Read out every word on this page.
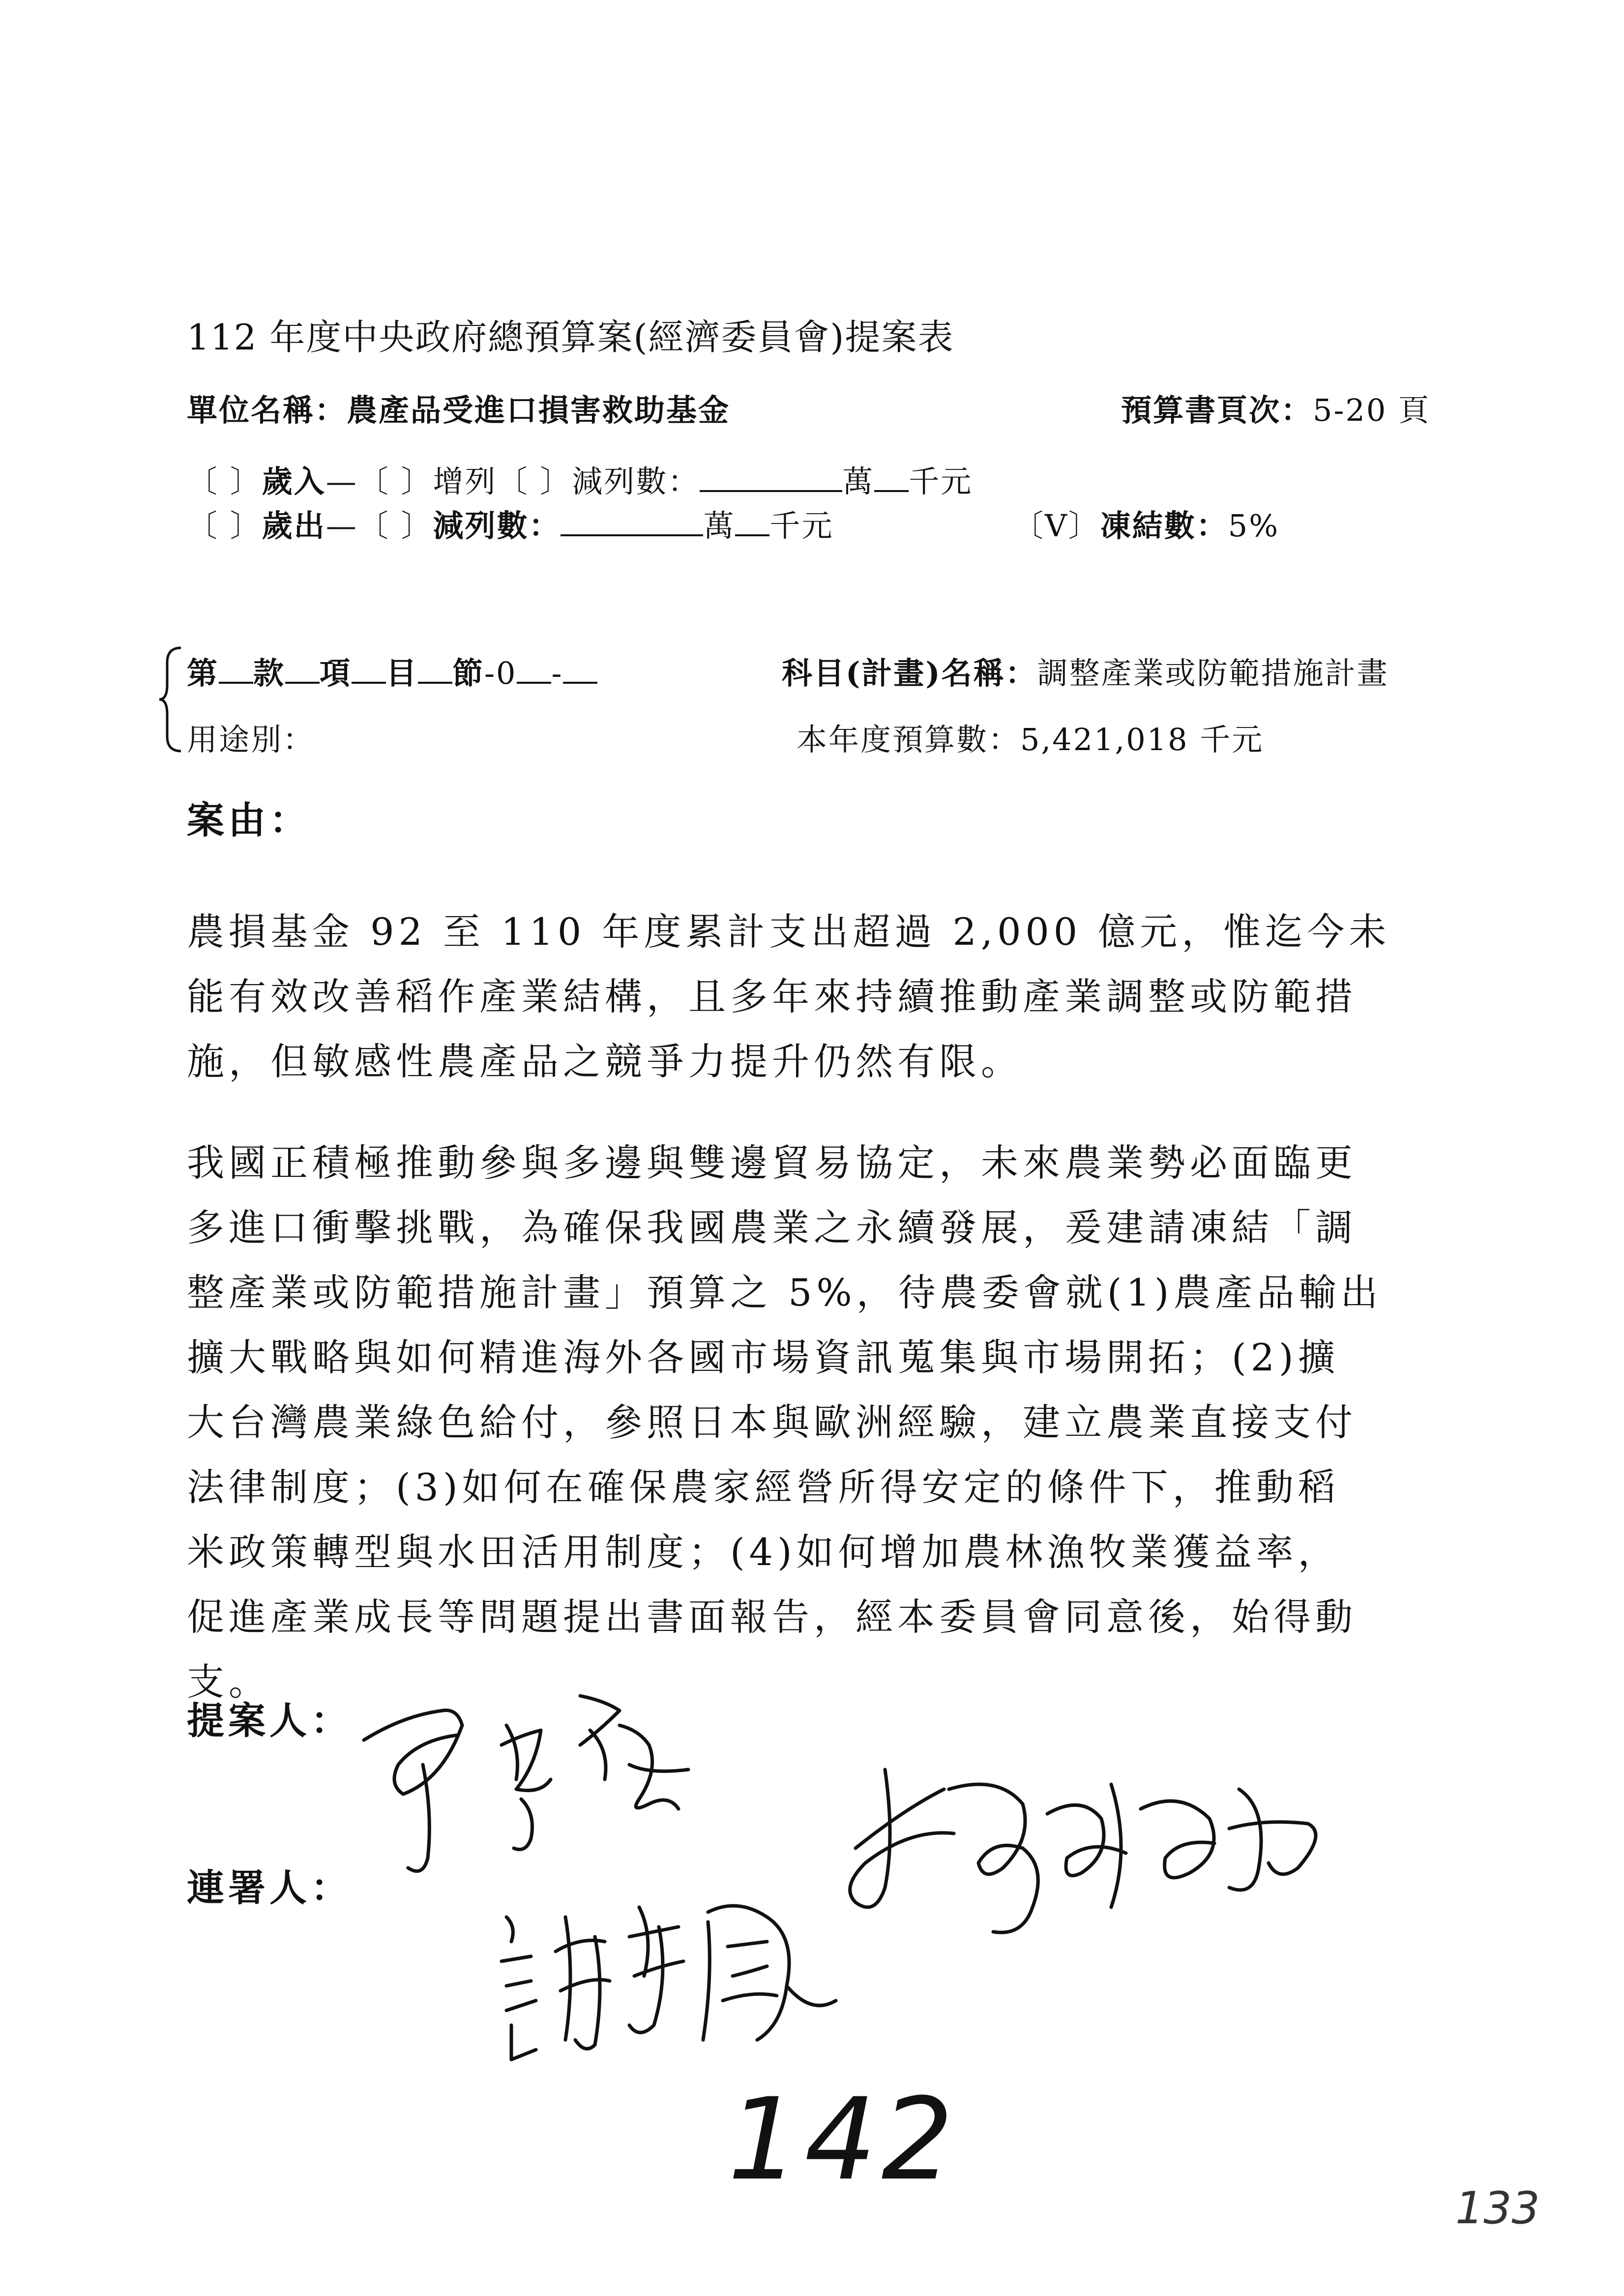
112 年度中央政府總預算案(經濟委員會)提案表
單位名稱：農產品受進口損害救助基金	預算書頁次：5-20 頁
〔 〕歲入—〔 〕增列〔 〕減列數：	萬 千元
〔 〕歲出—〔 〕減列數：	萬 千元	〔V〕凍結數：5%
第 款 項 目 節-0 -	科目(計畫)名稱：調整產業或防範措施計畫
用途別：	本年度預算數：5,421,018 千元
案由：
農損基金 92 至 110 年度累計支出超過 2,000 億元，惟迄今未
能有效改善稻作產業結構，且多年來持續推動產業調整或防範措
施，但敏感性農產品之競爭力提升仍然有限。
我國正積極推動參與多邊與雙邊貿易協定，未來農業勢必面臨更
多進口衝擊挑戰，為確保我國農業之永續發展，爰建請凍結「調
整產業或防範措施計畫」預算之 5%，待農委會就(1)農產品輸出
擴大戰略與如何精進海外各國市場資訊蒐集與市場開拓；(2)擴
大台灣農業綠色給付，參照日本與歐洲經驗，建立農業直接支付
法律制度；(3)如何在確保農家經營所得安定的條件下，推動稻
米政策轉型與水田活用制度；(4)如何增加農林漁牧業獲益率，
促進產業成長等問題提出書面報告，經本委員會同意後，始得動
支。
提案人：
連署人：
142
133
